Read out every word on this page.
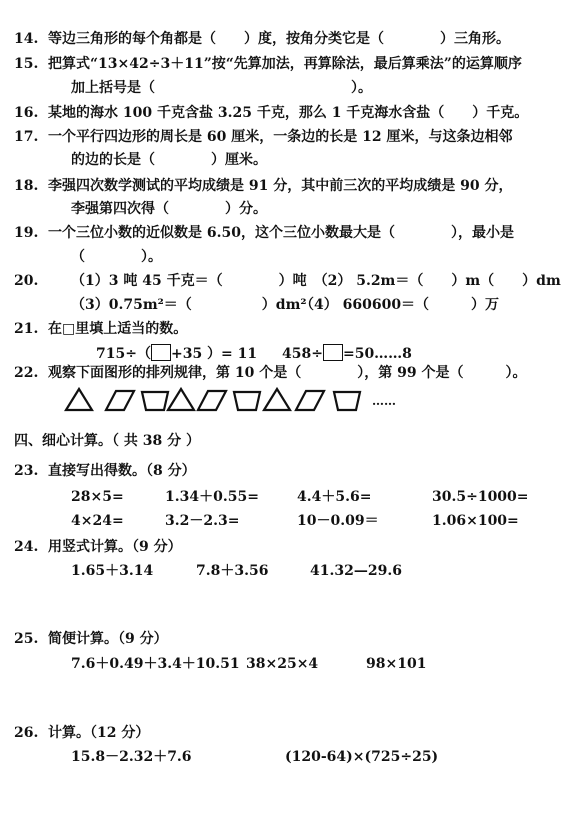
14. 等边三角形的每个角都是（　　）度，按角分类它是（　　　　）三角形。
15. 把算式“13×42÷3＋11”按“先算加法，再算除法，最后算乘法”的运算顺序
加上括号是（　　　　　　　　　　　　　　）。
16. 某地的海水 100 千克含盐 3.25 千克，那么 1 千克海水含盐（　　）千克。
17. 一个平行四边形的周长是 60 厘米，一条边的长是 12 厘米，与这条边相邻
的边的长是（　　　　）厘米。
18. 李强四次数学测试的平均成绩是 91 分，其中前三次的平均成绩是 90 分，
李强第四次得（　　　　）分。
19. 一个三位小数的近似数是 6.50，这个三位小数最大是（　　　　），最小是
（　　　　）。
20. （1）3 吨 45 千克＝（　　　　）吨　（2） 5.2m＝（　　）m（　　）dm
（3）0.75m²＝（　　　　　）dm²
（4） 660600＝（　　　）万
21. 在□里填上适当的数。
715÷（ +35 ）= 11 458÷ =50……8
22. 观察下面图形的排列规律，第 10 个是（　　　　），第 99 个是（　　　）。
……
四、细心计算。（ 共 38 分 ）
23. 直接写出得数。（8 分）
28×5=	1.34＋0.55=	4.4＋5.6=	30.5÷1000=
4×24=	3.2－2.3=	10－0.09＝	1.06×100=
24. 用竖式计算。（9 分）
1.65＋3.14	7.8＋3.56	41.32—29.6
25. 简便计算。（9 分）
7.6＋0.49＋3.4＋10.51 38×25×4	98×101
26. 计算。（12 分）
15.8－2.32＋7.6	(120-64)×(725÷25)
